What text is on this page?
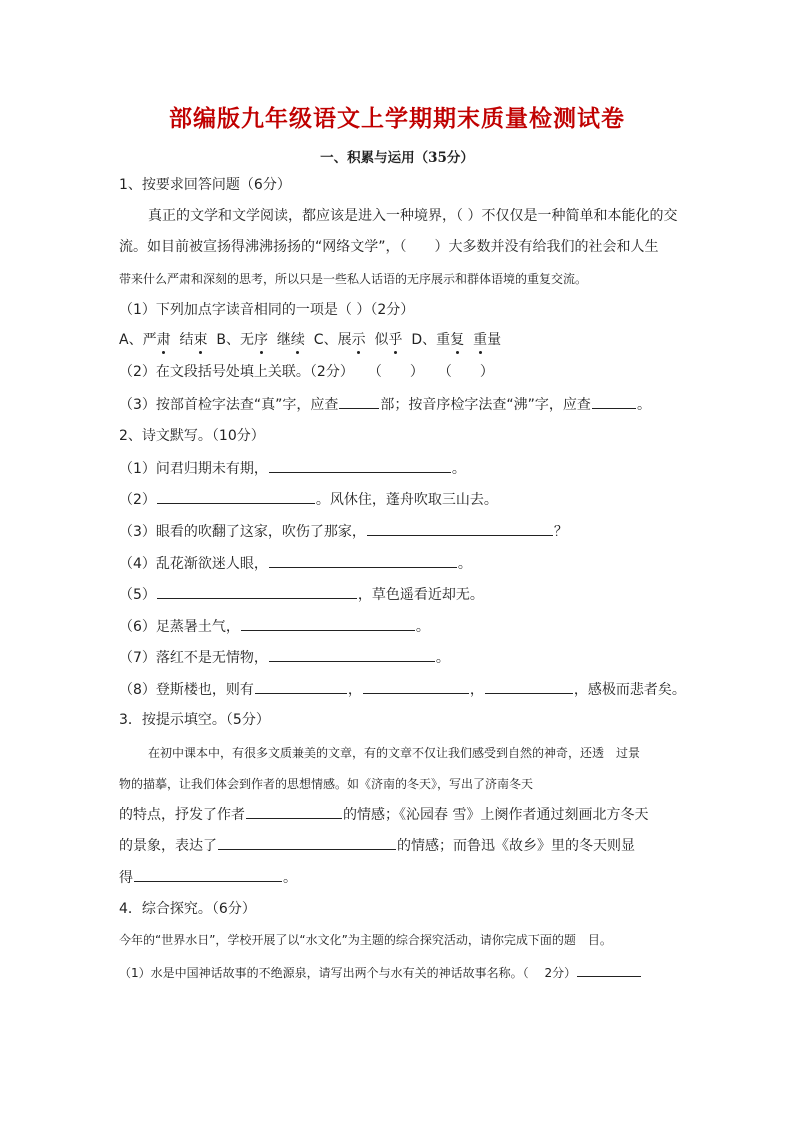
部编版九年级语文上学期期末质量检测试卷
一、积累与运用（35分）
1、按要求回答问题（6分）
真正的文学和文学阅读，都应该是进入一种境界，（ ）不仅仅是一种简单和本能化的交
流。如目前被宣扬得沸沸扬扬的“网络文学”，（　　）大多数并没有给我们的社会和人生
带来什么严肃和深刻的思考，所以只是一些私人话语的无序展示和群体语境的重复交流。
（1）下列加点字读音相同的一项是（ ）（2分）
A、严肃  结束  B、无序  继续  C、展示  似乎  D、重复 重量
（2）在文段括号处填上关联。（2分）　　（　　）　　（　　）
（3）按部首检字法查“真”字，应查	部；按音序检字法查“沸”字，应查	。
2、诗文默写。（10分）
（1）问君归期未有期，	。
（2）	。风休住，蓬舟吹取三山去。
（3）眼看的吹翻了这家，吹伤了那家，	？
（4）乱花渐欲迷人眼，	。
（5）	，草色遥看近却无。
（6）足蒸暑土气，	。
（7）落红不是无情物，	。
（8）登斯楼也，则有	，	，	，感极而悲者矣。
3．按提示填空。（5分）
在初中课本中，有很多文质兼美的文章，有的文章不仅让我们感受到自然的神奇，还透　过景
物的描摹，让我们体会到作者的思想情感。如《济南的冬天》，写出了济南冬天
的特点，抒发了作者	的情感；《沁园春 雪》上阕作者通过刻画北方冬天
的景象，表达了	的情感；而鲁迅《故乡》里的冬天则显
得	。
4．综合探究。（6分）
今年的“世界水日”，学校开展了以“水文化”为主题的综合探究活动，请你完成下面的题　目。
（1）水是中国神话故事的不绝源泉，请写出两个与水有关的神话故事名称。（　 2分）
